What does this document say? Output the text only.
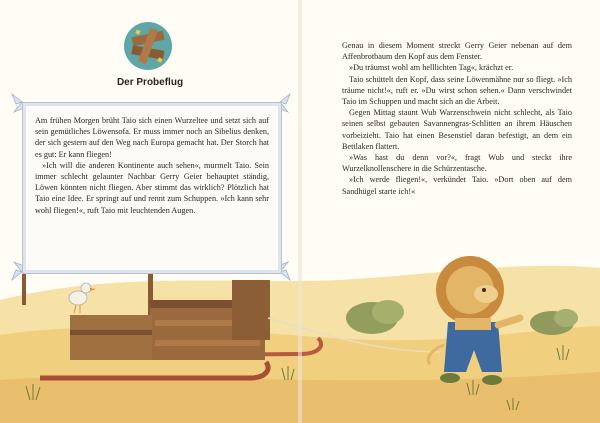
Der Probeflug

Am frühen Morgen brüht Taio sich einen Wurzeltee und setzt sich auf sein gemütliches Löwensofa. Er muss immer noch an Sibelius denken, der sich gestern auf den Weg nach Europa gemacht hat. Der Storch hat es gut: Er kann fliegen!

»Ich will die anderen Kontinente auch sehen«, murmelt Taio. Sein immer schlecht gelaunter Nachbar Gerry Geier behauptet ständig, Löwen könnten nicht fliegen. Aber stimmt das wirklich? Plötzlich hat Taio eine Idee. Er springt auf und rennt zum Schuppen. »Ich kann sehr wohl fliegen!«, ruft Taio mit leuchtenden Augen.

Genau in diesem Moment streckt Gerry Geier nebenan auf dem Affenbrotbaum den Kopf aus dem Fenster.

»Du träumst wohl am helllichten Tag«, krächzt er.

Taio schüttelt den Kopf, dass seine Löwenmähne nur so fliegt. »Ich träume nicht!«, ruft er. »Du wirst schon sehen.« Dann verschwindet Taio im Schuppen und macht sich an die Arbeit.

Gegen Mittag staunt Wub Warzenschwein nicht schlecht, als Taio seinen selbst gebauten Savannengras-Schlitten an ihrem Häuschen vorbeizieht. Taio hat einen Besenstiel daran befestigt, an dem ein Bettlaken flattert.

»Was hast du denn vor?«, fragt Wub und steckt ihre Wurzelknollenschere in die Schürzentasche.

»Ich werde fliegen!«, verkündet Taio. »Dort oben auf dem Sandhügel starte ich!«
